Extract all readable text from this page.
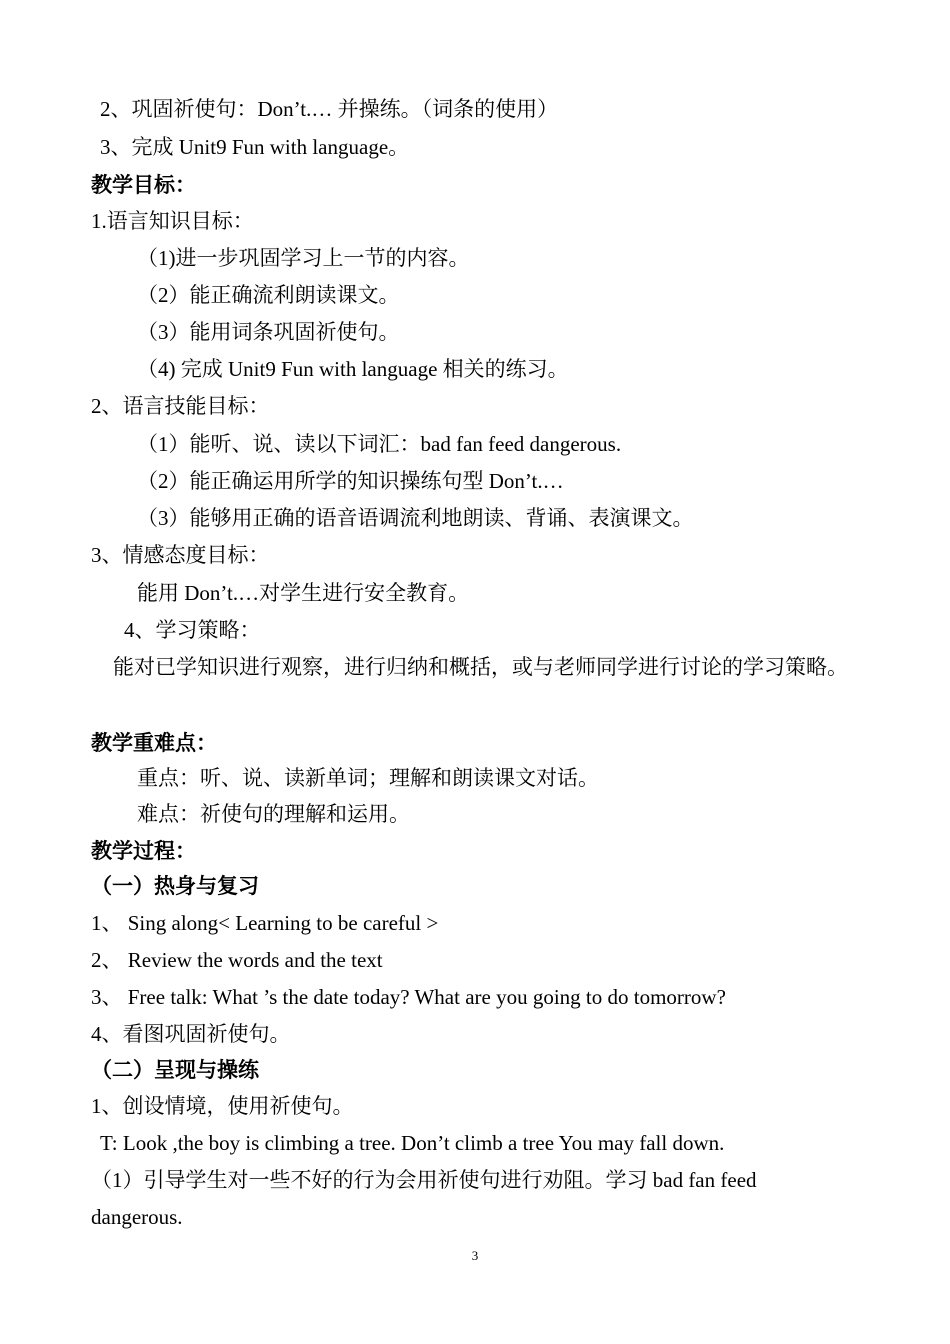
2、巩固祈使句：Don’t.… 并操练。（词条的使用）
3、完成 Unit9 Fun with language。
教学目标：
1.语言知识目标：
（1)进一步巩固学习上一节的内容。
（2）能正确流利朗读课文。
（3）能用词条巩固祈使句。
（4) 完成 Unit9 Fun with language 相关的练习。
2、语言技能目标：
（1）能听、说、读以下词汇：bad fan feed dangerous.
（2）能正确运用所学的知识操练句型 Don’t.…
（3）能够用正确的语音语调流利地朗读、背诵、表演课文。
3、情感态度目标：
能用 Don’t.…对学生进行安全教育。
4、学习策略：
能对已学知识进行观察，进行归纳和概括，或与老师同学进行讨论的学习策略。
教学重难点：
重点：听、说、读新单词；理解和朗读课文对话。
难点：祈使句的理解和运用。
教学过程：
（一）热身与复习
1、 Sing along< Learning to be careful >
2、 Review the words and the text
3、 Free talk: What ’s the date today? What are you going to do tomorrow?
4、看图巩固祈使句。
（二）呈现与操练
1、创设情境，使用祈使句。
T: Look ,the boy is climbing a tree. Don’t climb a tree You may fall down.
（1）引导学生对一些不好的行为会用祈使句进行劝阻。学习 bad fan feed
dangerous.
3
